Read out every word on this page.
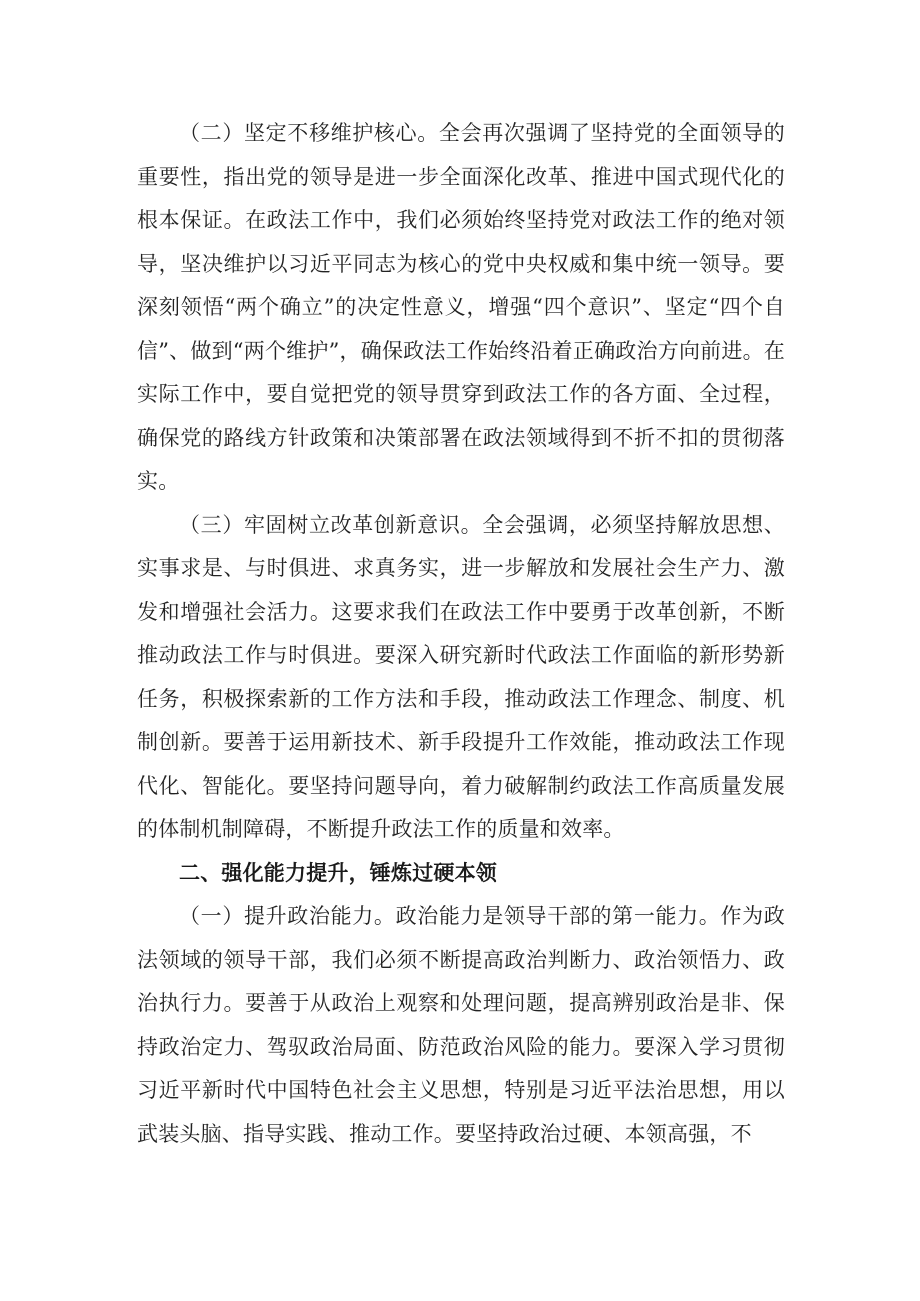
（二）坚定不移维护核心。全会再次强调了坚持党的全面领导的重要性，指出党的领导是进一步全面深化改革、推进中国式现代化的根本保证。在政法工作中，我们必须始终坚持党对政法工作的绝对领导，坚决维护以习近平同志为核心的党中央权威和集中统一领导。要深刻领悟“两个确立”的决定性意义，增强“四个意识”、坚定“四个自信”、做到“两个维护”，确保政法工作始终沿着正确政治方向前进。在实际工作中，要自觉把党的领导贯穿到政法工作的各方面、全过程，确保党的路线方针政策和决策部署在政法领域得到不折不扣的贯彻落实。

（三）牢固树立改革创新意识。全会强调，必须坚持解放思想、实事求是、与时俱进、求真务实，进一步解放和发展社会生产力、激发和增强社会活力。这要求我们在政法工作中要勇于改革创新，不断推动政法工作与时俱进。要深入研究新时代政法工作面临的新形势新任务，积极探索新的工作方法和手段，推动政法工作理念、制度、机制创新。要善于运用新技术、新手段提升工作效能，推动政法工作现代化、智能化。要坚持问题导向，着力破解制约政法工作高质量发展的体制机制障碍，不断提升政法工作的质量和效率。

二、强化能力提升，锤炼过硬本领

（一）提升政治能力。政治能力是领导干部的第一能力。作为政法领域的领导干部，我们必须不断提高政治判断力、政治领悟力、政治执行力。要善于从政治上观察和处理问题，提高辨别政治是非、保持政治定力、驾驭政治局面、防范政治风险的能力。要深入学习贯彻习近平新时代中国特色社会主义思想，特别是习近平法治思想，用以武装头脑、指导实践、推动工作。要坚持政治过硬、本领高强，不
